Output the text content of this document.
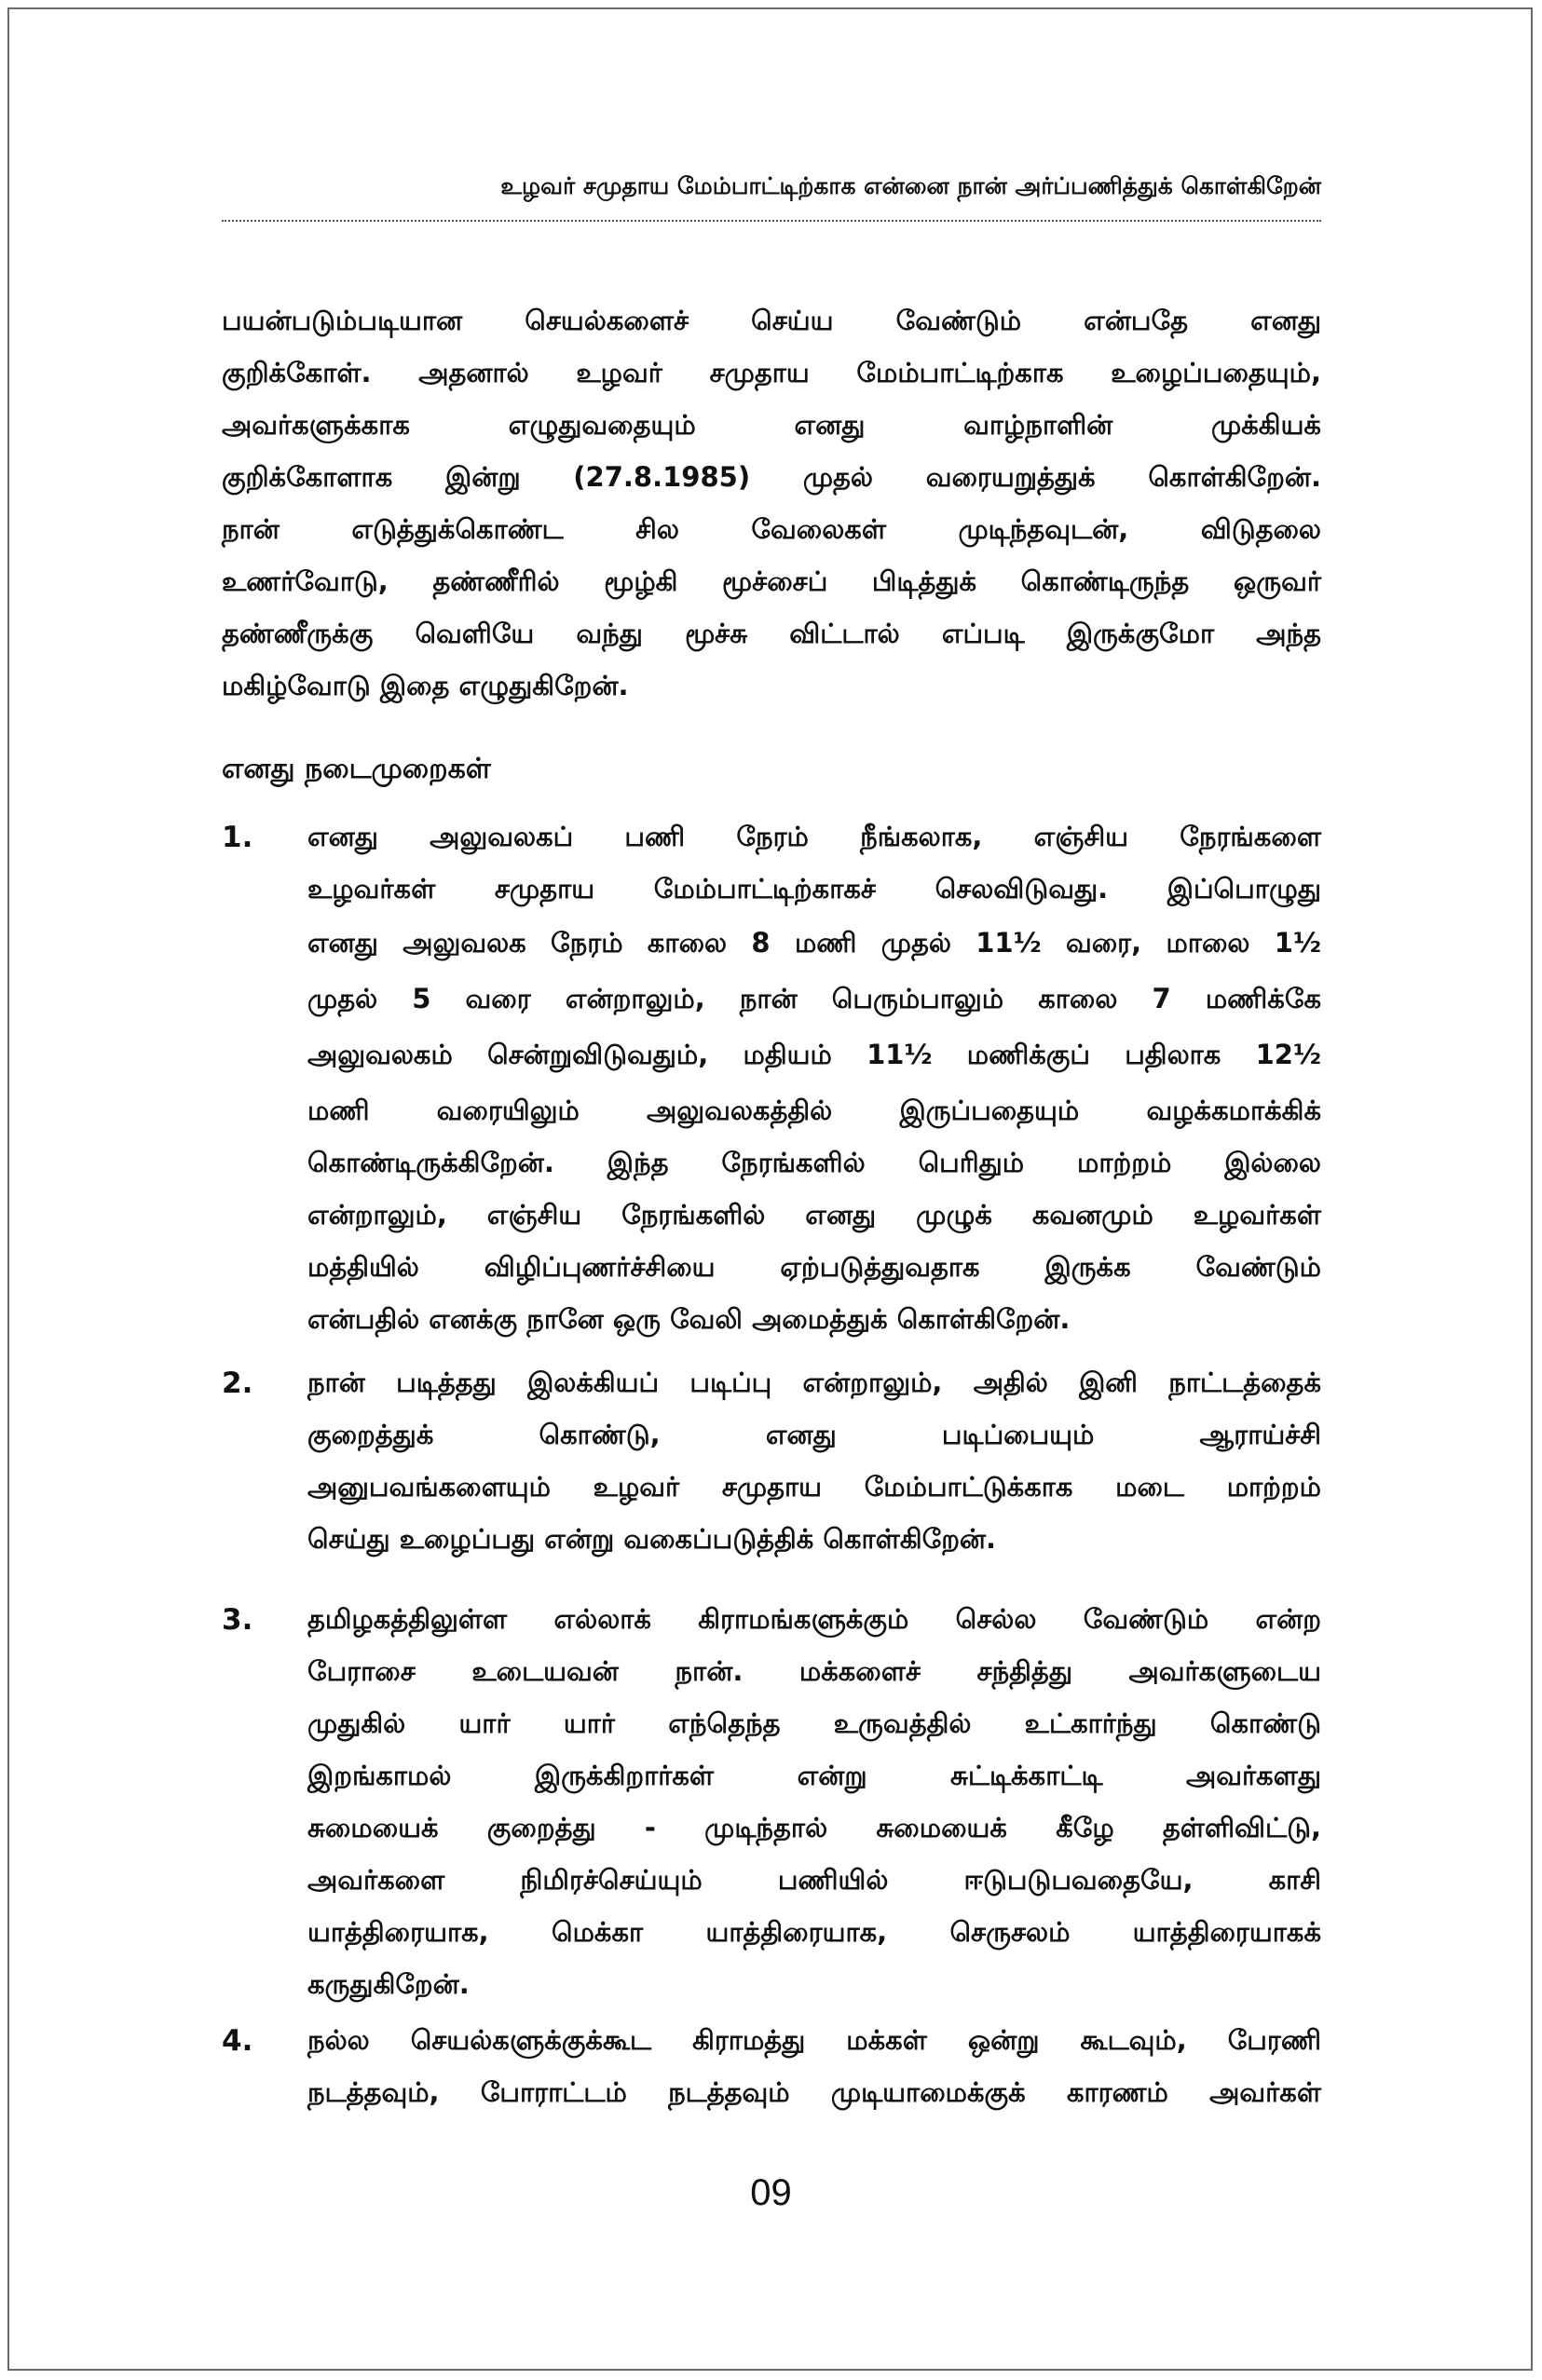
உழவர் சமுதாய மேம்பாட்டிற்காக என்னை நான் அர்ப்பணித்துக் கொள்கிறேன்
பயன்படும்படியான செயல்களைச் செய்ய வேண்டும் என்பதே எனது
குறிக்கோள். அதனால் உழவர் சமுதாய மேம்பாட்டிற்காக உழைப்பதையும்,
அவர்களுக்காக எழுதுவதையும் எனது வாழ்நாளின் முக்கியக்
குறிக்கோளாக இன்று (27.8.1985) முதல் வரையறுத்துக் கொள்கிறேன்.
நான் எடுத்துக்கொண்ட சில வேலைகள் முடிந்தவுடன், விடுதலை
உணர்வோடு, தண்ணீரில் மூழ்கி மூச்சைப் பிடித்துக் கொண்டிருந்த ஒருவர்
தண்ணீருக்கு வெளியே வந்து மூச்சு விட்டால் எப்படி இருக்குமோ அந்த
மகிழ்வோடு இதை எழுதுகிறேன்.
எனது நடைமுறைகள்
1. எனது அலுவலகப் பணி நேரம் நீங்கலாக, எஞ்சிய நேரங்களை
உழவர்கள் சமுதாய மேம்பாட்டிற்காகச் செலவிடுவது. இப்பொழுது
எனது அலுவலக நேரம் காலை 8 மணி முதல் 11½ வரை, மாலை 1½
முதல் 5 வரை என்றாலும், நான் பெரும்பாலும் காலை 7 மணிக்கே
அலுவலகம் சென்றுவிடுவதும், மதியம் 11½ மணிக்குப் பதிலாக 12½
மணி வரையிலும் அலுவலகத்தில் இருப்பதையும் வழக்கமாக்கிக்
கொண்டிருக்கிறேன். இந்த நேரங்களில் பெரிதும் மாற்றம் இல்லை
என்றாலும், எஞ்சிய நேரங்களில் எனது முழுக் கவனமும் உழவர்கள்
மத்தியில் விழிப்புணர்ச்சியை ஏற்படுத்துவதாக இருக்க வேண்டும்
என்பதில் எனக்கு நானே ஒரு வேலி அமைத்துக் கொள்கிறேன்.
2. நான் படித்தது இலக்கியப் படிப்பு என்றாலும், அதில் இனி நாட்டத்தைக்
குறைத்துக் கொண்டு, எனது படிப்பையும் ஆராய்ச்சி
அனுபவங்களையும் உழவர் சமுதாய மேம்பாட்டுக்காக மடை மாற்றம்
செய்து உழைப்பது என்று வகைப்படுத்திக் கொள்கிறேன்.
3. தமிழகத்திலுள்ள எல்லாக் கிராமங்களுக்கும் செல்ல வேண்டும் என்ற
பேராசை உடையவன் நான். மக்களைச் சந்தித்து அவர்களுடைய
முதுகில் யார் யார் எந்தெந்த உருவத்தில் உட்கார்ந்து கொண்டு
இறங்காமல் இருக்கிறார்கள் என்று சுட்டிக்காட்டி அவர்களது
சுமையைக் குறைத்து - முடிந்தால் சுமையைக் கீழே தள்ளிவிட்டு,
அவர்களை நிமிரச்செய்யும் பணியில் ஈடுபடுபவதையே, காசி
யாத்திரையாக, மெக்கா யாத்திரையாக, செருசலம் யாத்திரையாகக்
கருதுகிறேன்.
4. நல்ல செயல்களுக்குக்கூட கிராமத்து மக்கள் ஒன்று கூடவும், பேரணி
நடத்தவும், போராட்டம் நடத்தவும் முடியாமைக்குக் காரணம் அவர்கள்
09
